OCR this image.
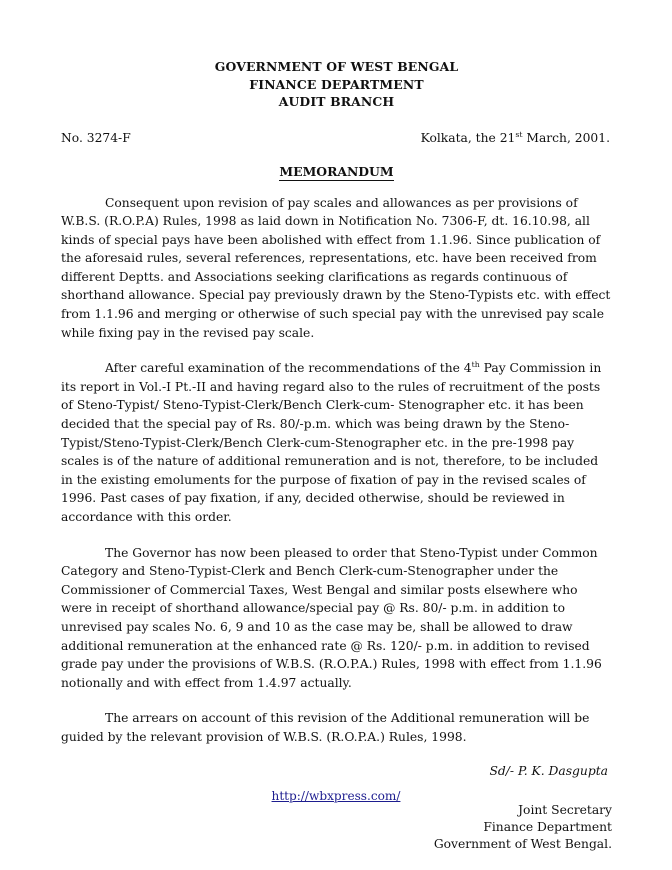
GOVERNMENT OF WEST BENGAL
FINANCE DEPARTMENT
AUDIT BRANCH
No. 3274-F	Kolkata, the 21st March, 2001.
MEMORANDUM

Consequent upon revision of pay scales and allowances as per provisions of W.B.S. (R.O.P.A) Rules, 1998 as laid down in Notification No. 7306-F, dt. 16.10.98, all kinds of special pays have been abolished with effect from 1.1.96. Since publication of the aforesaid rules, several references, representations, etc. have been received from different Deptts. and Associations seeking clarifications as regards continuous of shorthand allowance. Special pay previously drawn by the Steno-Typists etc. with effect from 1.1.96 and merging or otherwise of such special pay with the unrevised pay scale while fixing pay in the revised pay scale.

After careful examination of the recommendations of the 4th Pay Commission in its report in Vol.-I Pt.-II and having regard also to the rules of recruitment of the posts of Steno-Typist/ Steno-Typist-Clerk/Bench Clerk-cum- Stenographer etc. it has been decided that the special pay of Rs. 80/-p.m. which was being drawn by the Steno-Typist/Steno-Typist-Clerk/Bench Clerk-cum-Stenographer etc. in the pre-1998 pay scales is of the nature of additional remuneration and is not, therefore, to be included in the existing emoluments for the purpose of fixation of pay in the revised scales of 1996. Past cases of pay fixation, if any, decided otherwise, should be reviewed in accordance with this order.

The Governor has now been pleased to order that Steno-Typist under Common Category and Steno-Typist-Clerk and Bench Clerk-cum-Stenographer under the Commissioner of Commercial Taxes, West Bengal and similar posts elsewhere who were in receipt of shorthand allowance/special pay @ Rs. 80/- p.m. in addition to unrevised pay scales No. 6, 9 and 10 as the case may be, shall be allowed to draw additional remuneration at the enhanced rate @ Rs. 120/- p.m. in addition to revised grade pay under the provisions of W.B.S. (R.O.P.A.) Rules, 1998 with effect from 1.1.96 notionally and with effect from 1.4.97 actually.

The arrears on account of this revision of the Additional remuneration will be guided by the relevant provision of W.B.S. (R.O.P.A.) Rules, 1998.

Sd/- P. K. Dasgupta
Joint Secretary
Finance Department
Government of West Bengal.
http://wbxpress.com/
